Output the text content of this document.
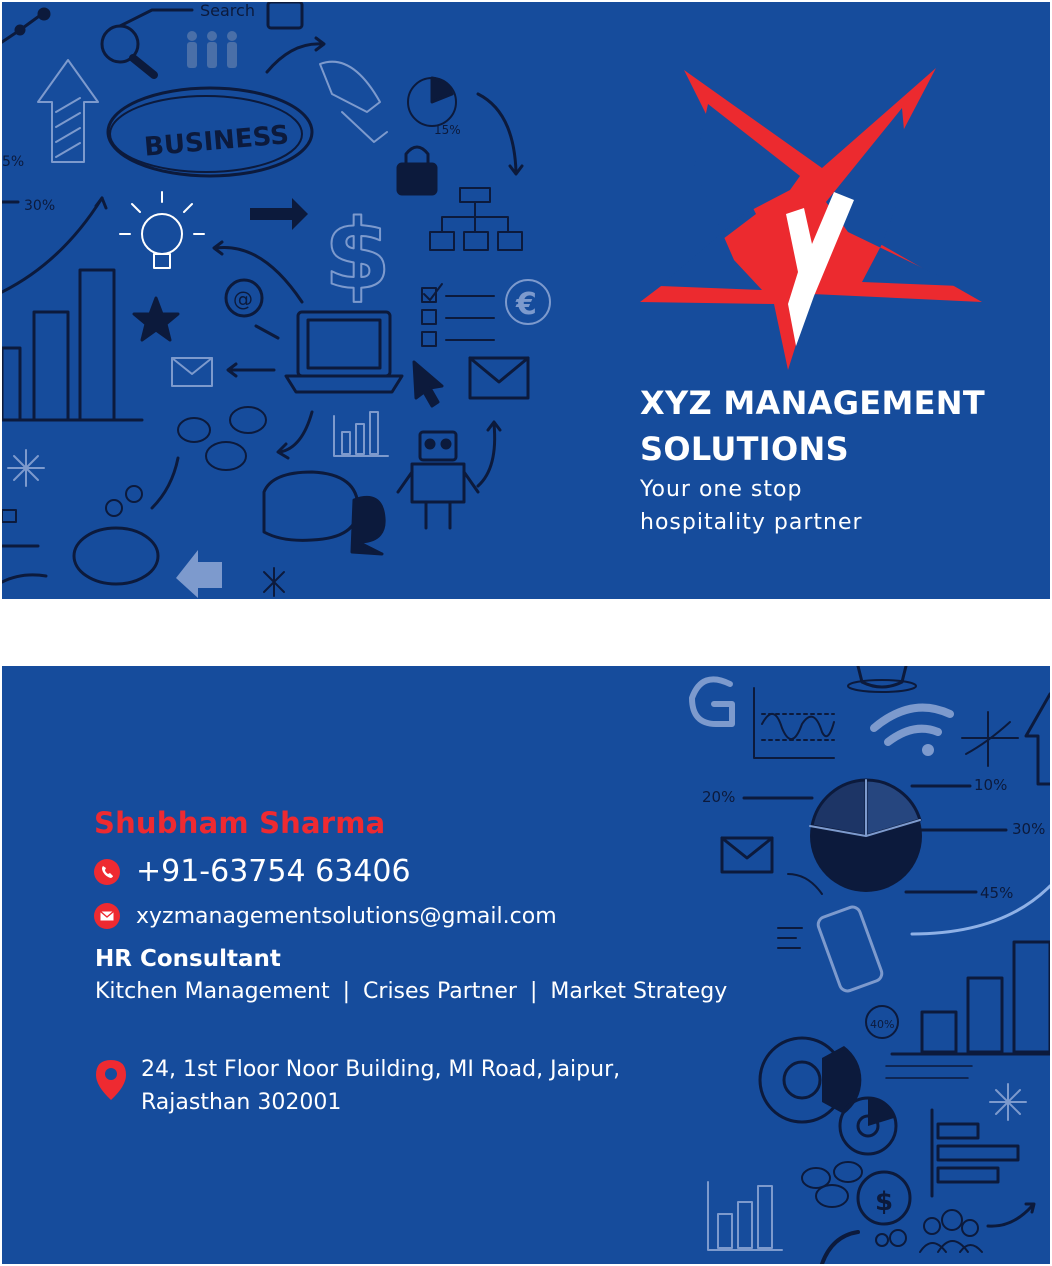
Search
BUSINESS	15%
5%
30%	$
@	€
XYZ MANAGEMENT
SOLUTIONS
Your one stop
hospitality partner
20%
10%
30%
45%
40%
$
Shubham Sharma
+91-63754 63406
xyzmanagementsolutions@gmail.com
HR Consultant
Kitchen Management | Crises Partner | Market Strategy
24, 1st Floor Noor Building, MI Road, Jaipur,
Rajasthan 302001
